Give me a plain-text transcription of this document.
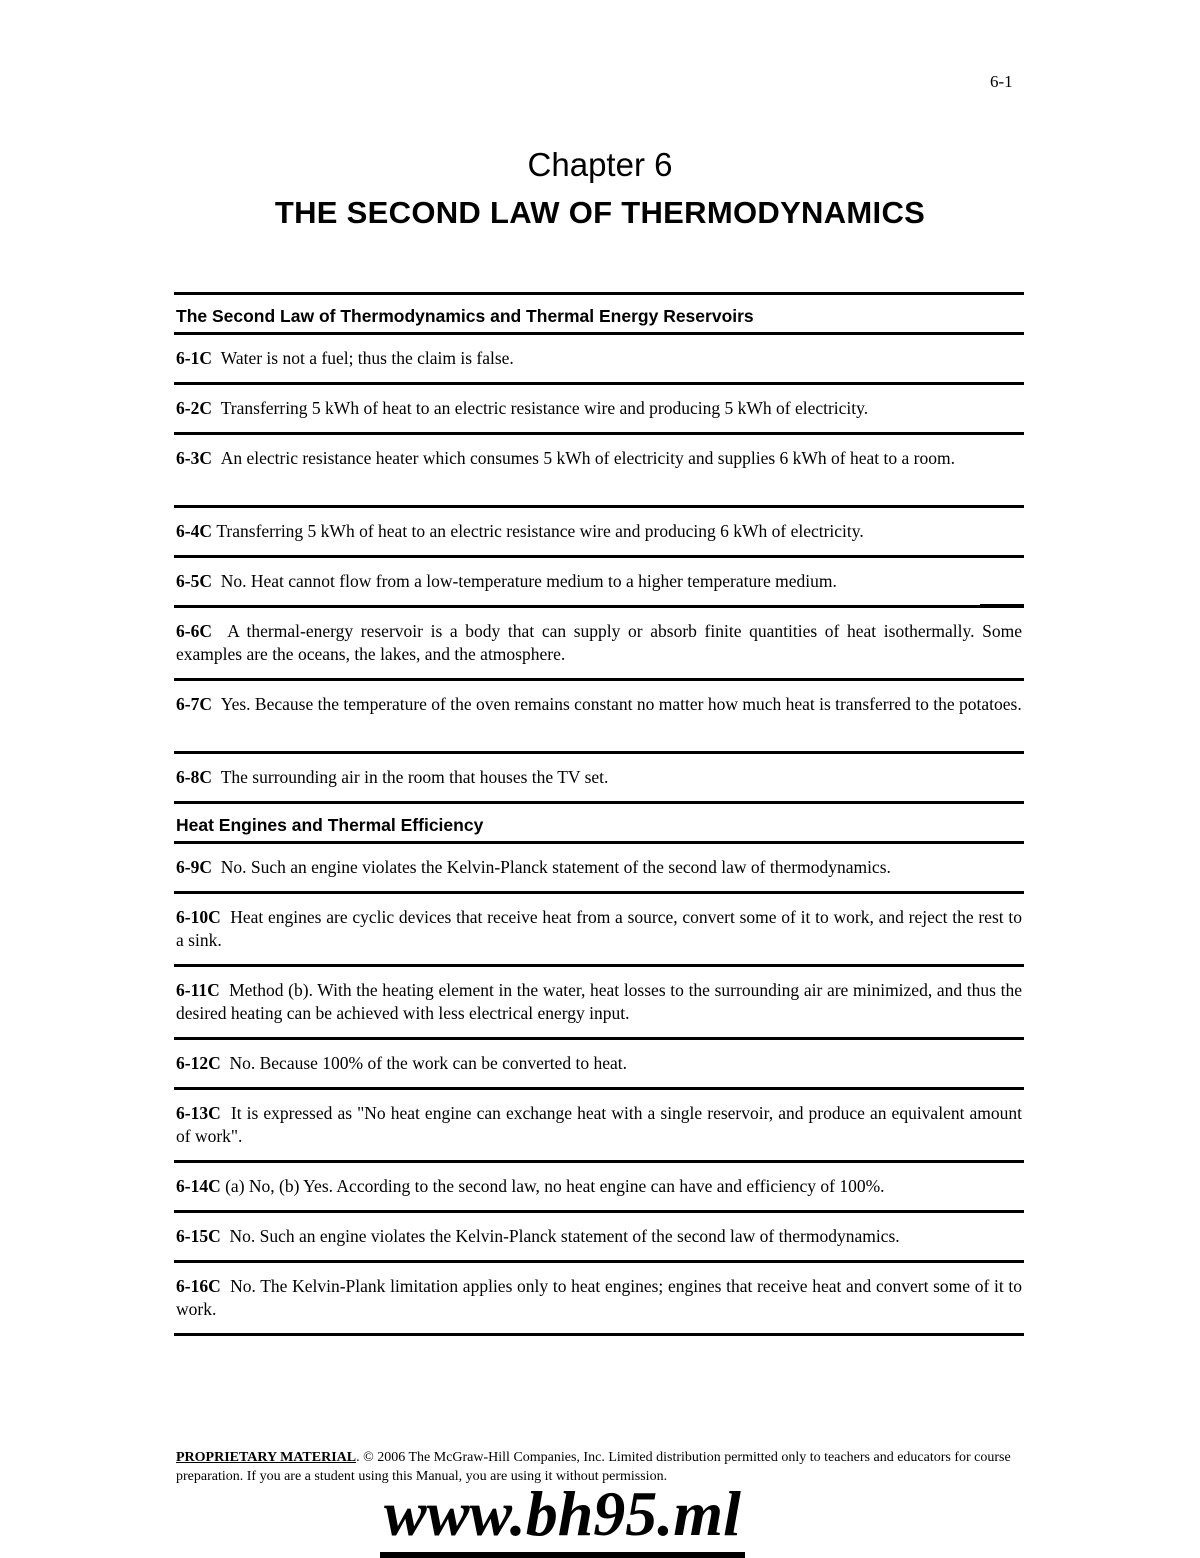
6-1
Chapter 6
THE SECOND LAW OF THERMODYNAMICS
The Second Law of Thermodynamics and Thermal Energy Reservoirs
6-1C Water is not a fuel; thus the claim is false.
6-2C Transferring 5 kWh of heat to an electric resistance wire and producing 5 kWh of electricity.
6-3C An electric resistance heater which consumes 5 kWh of electricity and supplies 6 kWh of heat to a room.
6-4C Transferring 5 kWh of heat to an electric resistance wire and producing 6 kWh of electricity.
6-5C No. Heat cannot flow from a low-temperature medium to a higher temperature medium.
6-6C A thermal-energy reservoir is a body that can supply or absorb finite quantities of heat isothermally. Some examples are the oceans, the lakes, and the atmosphere.
6-7C Yes. Because the temperature of the oven remains constant no matter how much heat is transferred to the potatoes.
6-8C The surrounding air in the room that houses the TV set.
Heat Engines and Thermal Efficiency
6-9C No. Such an engine violates the Kelvin-Planck statement of the second law of thermodynamics.
6-10C Heat engines are cyclic devices that receive heat from a source, convert some of it to work, and reject the rest to a sink.
6-11C Method (b). With the heating element in the water, heat losses to the surrounding air are minimized, and thus the desired heating can be achieved with less electrical energy input.
6-12C No. Because 100% of the work can be converted to heat.
6-13C It is expressed as "No heat engine can exchange heat with a single reservoir, and produce an equivalent amount of work".
6-14C (a) No, (b) Yes. According to the second law, no heat engine can have and efficiency of 100%.
6-15C No. Such an engine violates the Kelvin-Planck statement of the second law of thermodynamics.
6-16C No. The Kelvin-Plank limitation applies only to heat engines; engines that receive heat and convert some of it to work.
PROPRIETARY MATERIAL. © 2006 The McGraw-Hill Companies, Inc. Limited distribution permitted only to teachers and educators for course preparation. If you are a student using this Manual, you are using it without permission.
www.bh95.ml
